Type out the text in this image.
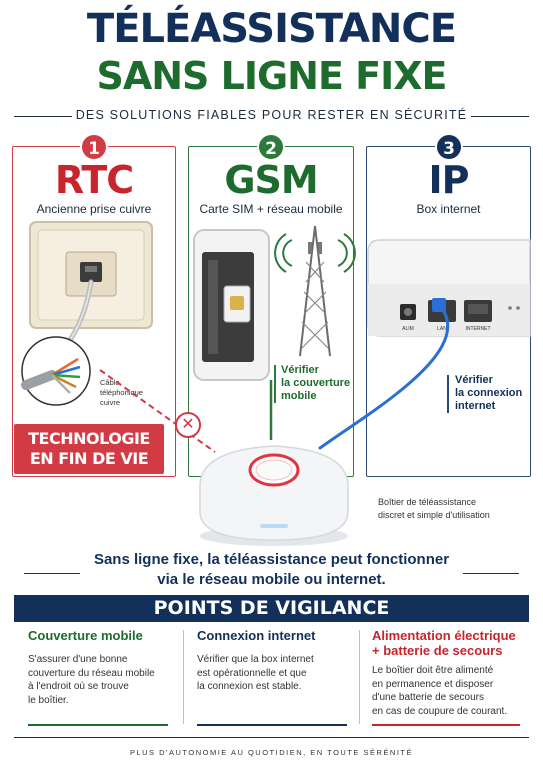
TÉLÉASSISTANCE
SANS LIGNE FIXE
DES SOLUTIONS FIABLES POUR RESTER EN SÉCURITÉ
1
RTC
Ancienne prise cuivre
2
GSM
Carte SIM + réseau mobile
3
IP
Box internet
Câble
téléphonique
cuivre
TECHNOLOGIE
EN FIN DE VIE
Vérifier
la couverture
mobile
ALIM	LAN	INTERNET
Vérifier
la connexion
internet
✕
Boîtier de téléassistance
discret et simple d'utilisation
Sans ligne fixe, la téléassistance peut fonctionner
via le réseau mobile ou internet.
POINTS DE VIGILANCE
Couverture mobile
S'assurer d'une bonne
couverture du réseau mobile
à l'endroit où se trouve
le boîtier.
Connexion internet
Vérifier que la box internet
est opérationnelle et que
la connexion est stable.
Alimentation électrique
+ batterie de secours
Le boîtier doit être alimenté
en permanence et disposer
d'une batterie de secours
en cas de coupure de courant.
PLUS D'AUTONOMIE AU QUOTIDIEN, EN TOUTE SÉRÉNITÉ
